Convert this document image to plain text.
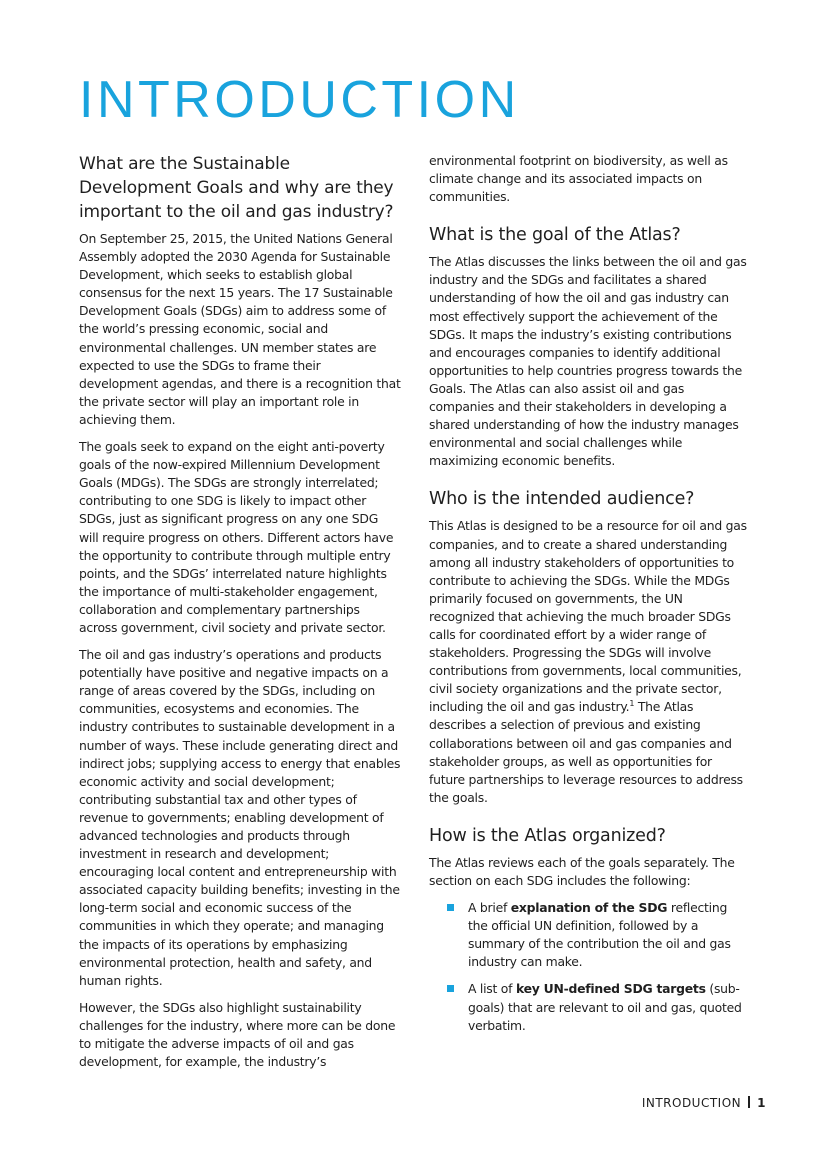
INTRODUCTION
What are the Sustainable Development Goals and why are they important to the oil and gas industry?

On September 25, 2015, the United Nations General Assembly adopted the 2030 Agenda for Sustainable Development, which seeks to establish global consensus for the next 15 years. The 17 Sustainable Development Goals (SDGs) aim to address some of the world’s pressing economic, social and environmental challenges. UN member states are expected to use the SDGs to frame their development agendas, and there is a recognition that the private sector will play an important role in achieving them.

The goals seek to expand on the eight anti-poverty goals of the now-expired Millennium Development Goals (MDGs). The SDGs are strongly interrelated; contributing to one SDG is likely to impact other SDGs, just as significant progress on any one SDG will require progress on others. Different actors have the opportunity to contribute through multiple entry points, and the SDGs’ interrelated nature highlights the importance of multi-stakeholder engagement, collaboration and complementary partnerships across government, civil society and private sector.

The oil and gas industry’s operations and products potentially have positive and negative impacts on a range of areas covered by the SDGs, including on communities, ecosystems and economies. The industry contributes to sustainable development in a number of ways. These include generating direct and indirect jobs; supplying access to energy that enables economic activity and social development; contributing substantial tax and other types of revenue to governments; enabling development of advanced technologies and products through investment in research and development; encouraging local content and entrepreneurship with associated capacity building benefits; investing in the long-term social and economic success of the communities in which they operate; and managing the impacts of its operations by emphasizing environmental protection, health and safety, and human rights.

However, the SDGs also highlight sustainability challenges for the industry, where more can be done to mitigate the adverse impacts of oil and gas development, for example, the industry’s

environmental footprint on biodiversity, as well as climate change and its associated impacts on communities.

What is the goal of the Atlas?

The Atlas discusses the links between the oil and gas industry and the SDGs and facilitates a shared understanding of how the oil and gas industry can most effectively support the achievement of the SDGs. It maps the industry’s existing contributions and encourages companies to identify additional opportunities to help countries progress towards the Goals. The Atlas can also assist oil and gas companies and their stakeholders in developing a shared understanding of how the industry manages environmental and social challenges while maximizing economic benefits.

Who is the intended audience?

This Atlas is designed to be a resource for oil and gas companies, and to create a shared understanding among all industry stakeholders of opportunities to contribute to achieving the SDGs. While the MDGs primarily focused on governments, the UN recognized that achieving the much broader SDGs calls for coordinated effort by a wider range of stakeholders. Progressing the SDGs will involve contributions from governments, local communities, civil society organizations and the private sector, including the oil and gas industry.$^1$ The Atlas describes a selection of previous and existing collaborations between oil and gas companies and stakeholder groups, as well as opportunities for future partnerships to leverage resources to address the goals.

How is the Atlas organized?

The Atlas reviews each of the goals separately. The section on each SDG includes the following:

A brief explanation of the SDG reflecting the official UN definition, followed by a summary of the contribution the oil and gas industry can make.
A list of key UN-defined SDG targets (sub-goals) that are relevant to oil and gas, quoted verbatim.
INTRODUCTION 1
